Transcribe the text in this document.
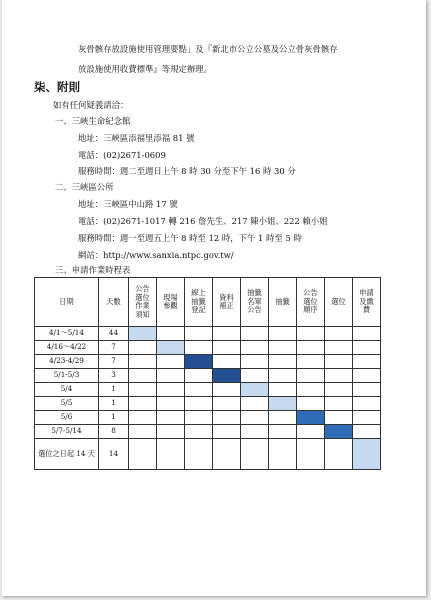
灰骨骸存放設施使用管理要點」及『新北市公立公墓及公立骨灰骨骸存
放設施使用收費標準』等規定辦理。
柒、附則
如有任何疑義請洽：
一、三峽生命紀念館
地址：三峽區添福里添福 81 號
電話：(02)2671-0609
服務時間：週二至週日上午 8 時 30 分至下午 16 時 30 分
二、三峽區公所
地址：三峽區中山路 17 號
電話：(02)2671-1017 轉 216 詹先生、217 陳小姐、222 賴小姐
服務時間：週一至週五上午 8 時至 12 時，下午 1 時至 5 時
網站：http://www.sanxia.ntpc.gov.tw/
三、申請作業時程表
日期	天數	公告選位作業須知	現場參觀	線上抽籤登記	資料補正	抽籤名單公告	抽籤	公告選位順序	選位	申請及繳費
4/1～5/14	44									
4/16～4/22	7									
4/23-4/29	7									
5/1-5/3	3									
5/4	1									
5/5	1									
5/6	1									
5/7-5/14	8									
選位之日起 14 天	14									
